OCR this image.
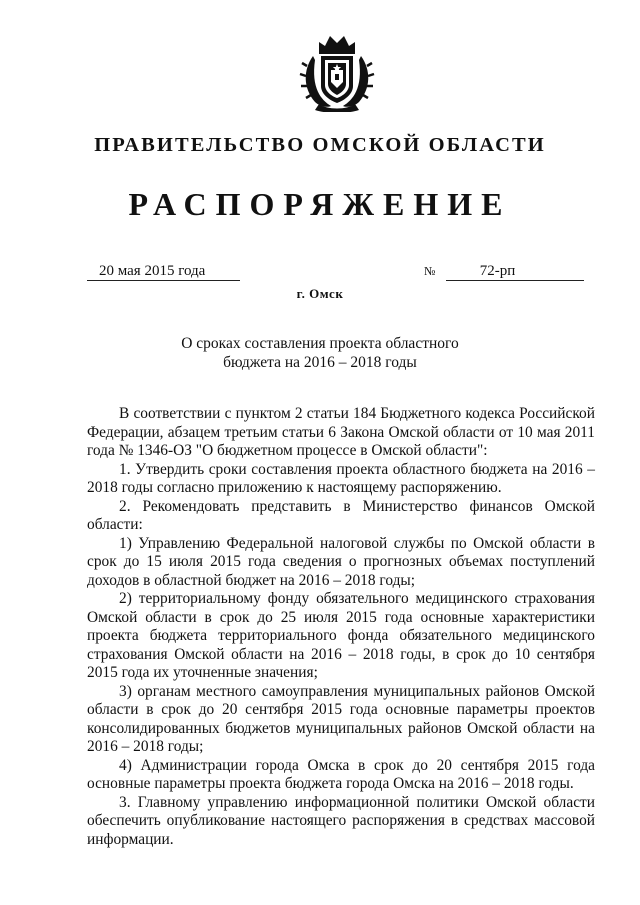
ПРАВИТЕЛЬСТВО ОМСКОЙ ОБЛАСТИ
РАСПОРЯЖЕНИЕ
20 мая 2015 года	№	72-рп
г. Омск
О сроках составления проекта областного
бюджета на 2016 – 2018 годы

В соответствии с пунктом 2 статьи 184 Бюджетного кодекса Российской Федерации, абзацем третьим статьи 6 Закона Омской области от 10 мая 2011 года № 1346-ОЗ "О бюджетном процессе в Омской области":

1. Утвердить сроки составления проекта областного бюджета на 2016 – 2018 годы согласно приложению к настоящему распоряжению.

2. Рекомендовать представить в Министерство финансов Омской области:

1) Управлению Федеральной налоговой службы по Омской области в срок до 15 июля 2015 года сведения о прогнозных объемах поступлений доходов в областной бюджет на 2016 – 2018 годы;

2) территориальному фонду обязательного медицинского страхования Омской области в срок до 25 июля 2015 года основные характеристики проекта бюджета территориального фонда обязательного медицинского страхования Омской области на 2016 – 2018 годы, в срок до 10 сентября 2015 года их уточненные значения;

3) органам местного самоуправления муниципальных районов Омской области в срок до 20 сентября 2015 года основные параметры проектов консолидированных бюджетов муниципальных районов Омской области на 2016 – 2018 годы;

4) Администрации города Омска в срок до 20 сентября 2015 года основные параметры проекта бюджета города Омска на 2016 – 2018 годы.

3. Главному управлению информационной политики Омской области обеспечить опубликование настоящего распоряжения в средствах массовой информации.
